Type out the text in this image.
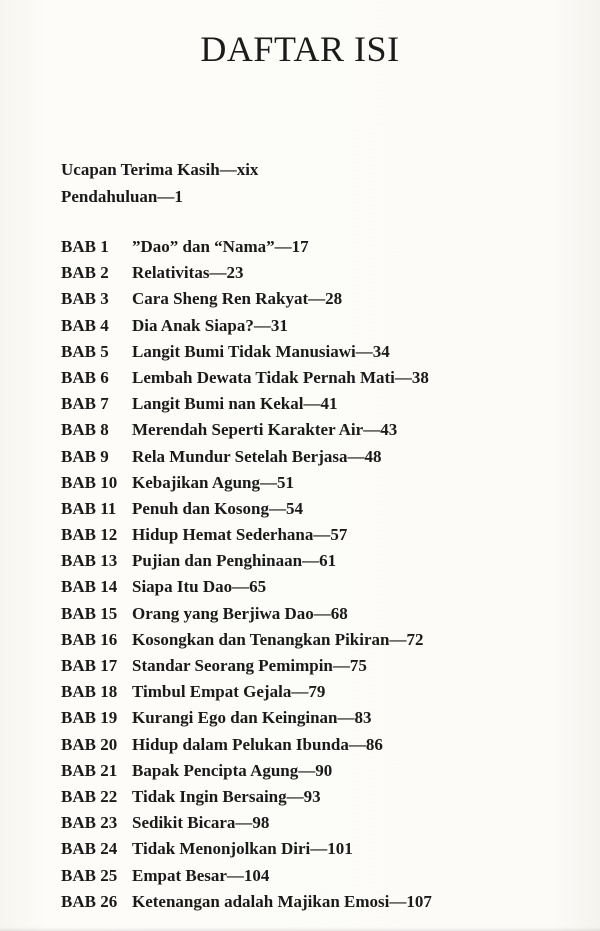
DAFTAR ISI
Ucapan Terima Kasih—xix
Pendahuluan—1
BAB 1 ”Dao” dan “Nama” — 17
BAB 2 Relativitas — 23
BAB 3 Cara Sheng Ren Rakyat — 28
BAB 4 Dia Anak Siapa? — 31
BAB 5 Langit Bumi Tidak Manusiawi — 34
BAB 6 Lembah Dewata Tidak Pernah Mati — 38
BAB 7 Langit Bumi nan Kekal — 41
BAB 8 Merendah Seperti Karakter Air — 43
BAB 9 Rela Mundur Setelah Berjasa — 48
BAB 10 Kebajikan Agung — 51
BAB 11 Penuh dan Kosong — 54
BAB 12 Hidup Hemat Sederhana — 57
BAB 13 Pujian dan Penghinaan — 61
BAB 14 Siapa Itu Dao — 65
BAB 15 Orang yang Berjiwa Dao — 68
BAB 16 Kosongkan dan Tenangkan Pikiran — 72
BAB 17 Standar Seorang Pemimpin — 75
BAB 18 Timbul Empat Gejala — 79
BAB 19 Kurangi Ego dan Keinginan — 83
BAB 20 Hidup dalam Pelukan Ibunda — 86
BAB 21 Bapak Pencipta Agung — 90
BAB 22 Tidak Ingin Bersaing — 93
BAB 23 Sedikit Bicara — 98
BAB 24 Tidak Menonjolkan Diri — 101
BAB 25 Empat Besar — 104
BAB 26 Ketenangan adalah Majikan Emosi — 107
